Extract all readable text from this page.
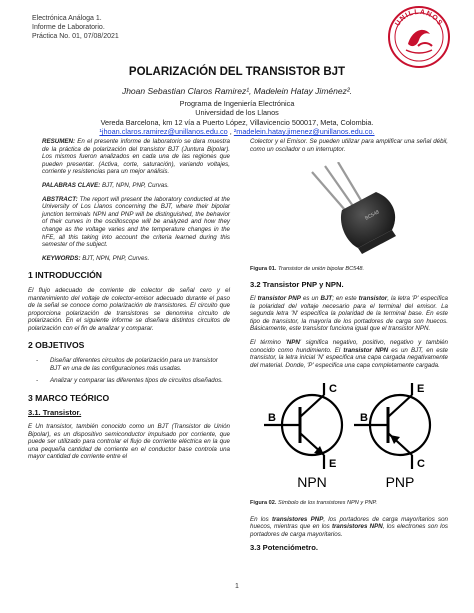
Electrónica Análoga 1.
Informe de Laboratorio.
Práctica No. 01, 07/08/2021
UNILLANOS
POLARIZACIÓN DEL TRANSISTOR BJT
Jhoan Sebastian Claros Ramirez¹, Madelein Hatay Jiménez².
Programa de Ingeniería Electrónica
Universidad de los Llanos
Vereda Barcelona, km 12 vía a Puerto López, Villavicencio 500017, Meta, Colombia.
¹jhoan.claros.ramirez@unillanos.edu.co , ²madelein.hatay.jimenez@unillanos.edu.co.

RESUMEN: En el presente informe de laboratorio se dara muestra de la práctica de polarización del transistor BJT (Juntura Bipolar). Los mismos fueron analizados en cada una de las regiones que pueden presentar. (Activa, corte, saturación), variando voltajes, corriente y resistencias para un mejor análisis.

PALABRAS CLAVE: BJT, NPN, PNP, Curvas.

ABSTRACT: The report will present the laboratory conducted at the University of Los Llanos concerning the BJT, where their bipolar junction terminals NPN and PNP will be distinguished, the behavior of their curves in the oscilloscope will be analyzed and how they change as the voltage varies and the temperature changes in the hFE, all this taking into account the criteria learned during this semester of the subject.

KEYWORDS: BJT, NPN, PNP, Curves.

1 INTRODUCCIÓN

El flujo adecuado de corriente de colector de señal cero y el mantenimiento del voltaje de colector-emisor adecuado durante el paso de la señal se conoce como polarización de transistores. El circuito que proporciona polarización de transistores se denomina circuito de polarización. En el siguiente informe se diseñara distintos circuitos de polarización con el fin de analizar y comparar.

2 OBJETIVOS
- Diseñar diferentes circuitos de polarización para un transistor BJT en una de las configuraciones más usadas.
- Analizar y comparar las diferentes tipos de circuitos diseñados.
3 MARCO TEÓRICO
3.1. Transistor.

E Un transistor, también conocido como un BJT (Transistor de Unión Bipolar), es un dispositivo semiconductor impulsado por corriente, que puede ser utilizado para controlar el flujo de corriente eléctrica en la que una pequeña cantidad de corriente en el conductor base controla una mayor cantidad de corriente entre el

Colector y el Emisor. Se pueden utilizar para amplificar una señal débil, como un oscilador o un interruptor.

BC548
Figura 01. Transistor de unión bipolar BC548.
3.2 Transistor PNP y NPN.

El transistor PNP es un BJT; en este transistor, la letra 'P' especifica la polaridad del voltaje necesario para el terminal del emisor. La segunda letra 'N' especifica la polaridad de la terminal base. En este tipo de transistor, la mayoría de los portadores de carga son huecos. Básicamente, este transistor funciona igual que el transistor NPN.

El término 'NPN' significa negativo, positivo, negativo y también conocido como hundimiento. El transistor NPN es un BJT, en este transistor, la letra inicial 'N' especifica una capa cargada negativamente del material. Donde, 'P' especifica una capa completamente cargada.

B
C
E
NPN
B
E
C
PNP
Figura 02. Símbolo de los transistores NPN y PNP.

En los transistores PNP, los portadores de carga mayoritarios son huecos, mientras que en los transistores NPN, los electrones son los portadores de carga mayoritarios.

3.3 Potenciómetro.
1
